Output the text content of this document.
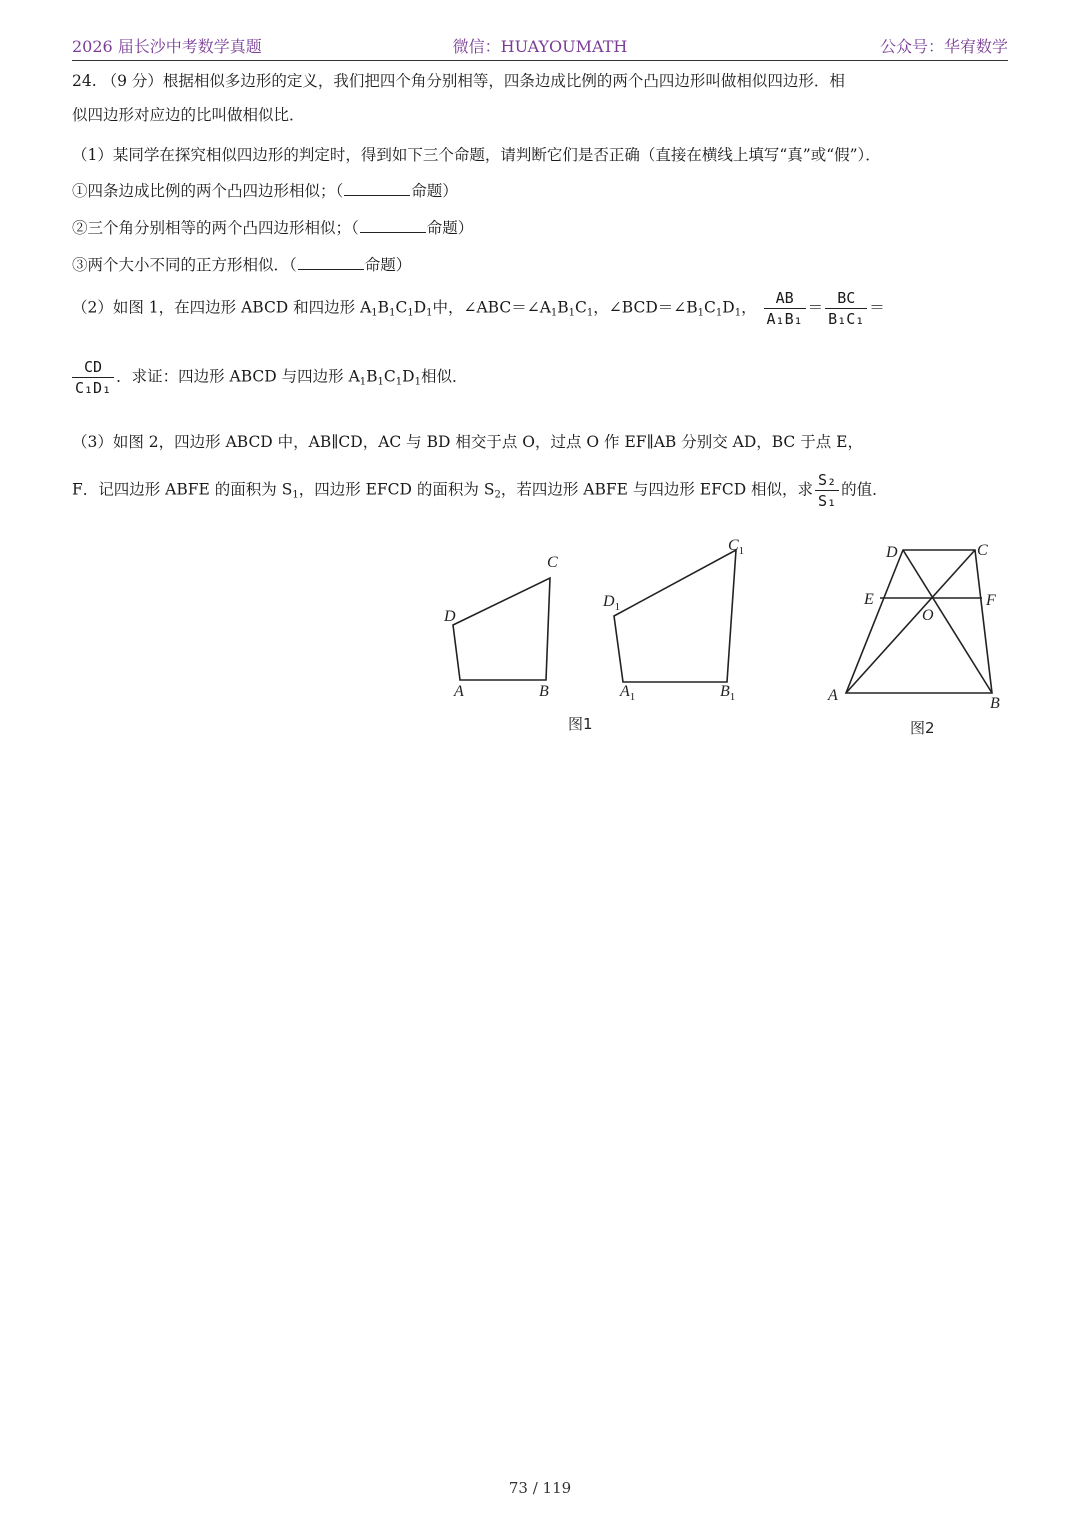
2026 届长沙中考数学真题	微信：HUAYOUMATH	公众号：华宥数学
24. （9 分）根据相似多边形的定义，我们把四个角分别相等，四条边成比例的两个凸四边形叫做相似四边形．相
似四边形对应边的比叫做相似比．
（1）某同学在探究相似四边形的判定时，得到如下三个命题，请判断它们是否正确（直接在横线上填写“真”或“假”）．
①四条边成比例的两个凸四边形相似；（	命题）
②三个角分别相等的两个凸四边形相似；（	命题）
③两个大小不同的正方形相似．（	命题）
（2）如图 1，在四边形 ABCD 和四边形 $A_1B_1C_1D_1$中，$\angle ABC=\angle A_1B_1C_1$，$\angle BCD=\angle B_1C_1D_1$， $\frac{AB}{\text{A₁B₁}} = \frac{BC}{\text{B₁C₁}}$ ＝
$\frac{CD}{\text{C₁D₁}}$ ．求证：四边形 ABCD 与四边形 $A_1B_1C_1D_1$相似．
（3）如图 2，四边形 ABCD 中，AB∥CD，AC 与 BD 相交于点 O，过点 O 作 EF∥AB 分别交 AD，BC 于点 E，
F．记四边形 ABFE 的面积为 $S_1$，四边形 EFCD 的面积为 $S_2$，若四边形 ABFE 与四边形 EFCD 相似，求 $\frac{\text{S₂}}{\text{S₁}}$ 的值．
A	B
C
D
$A_1$	$B_1$
$C_1$
$D_1$
图1
A	B
C
D
E	F
O
图2
73 / 119
